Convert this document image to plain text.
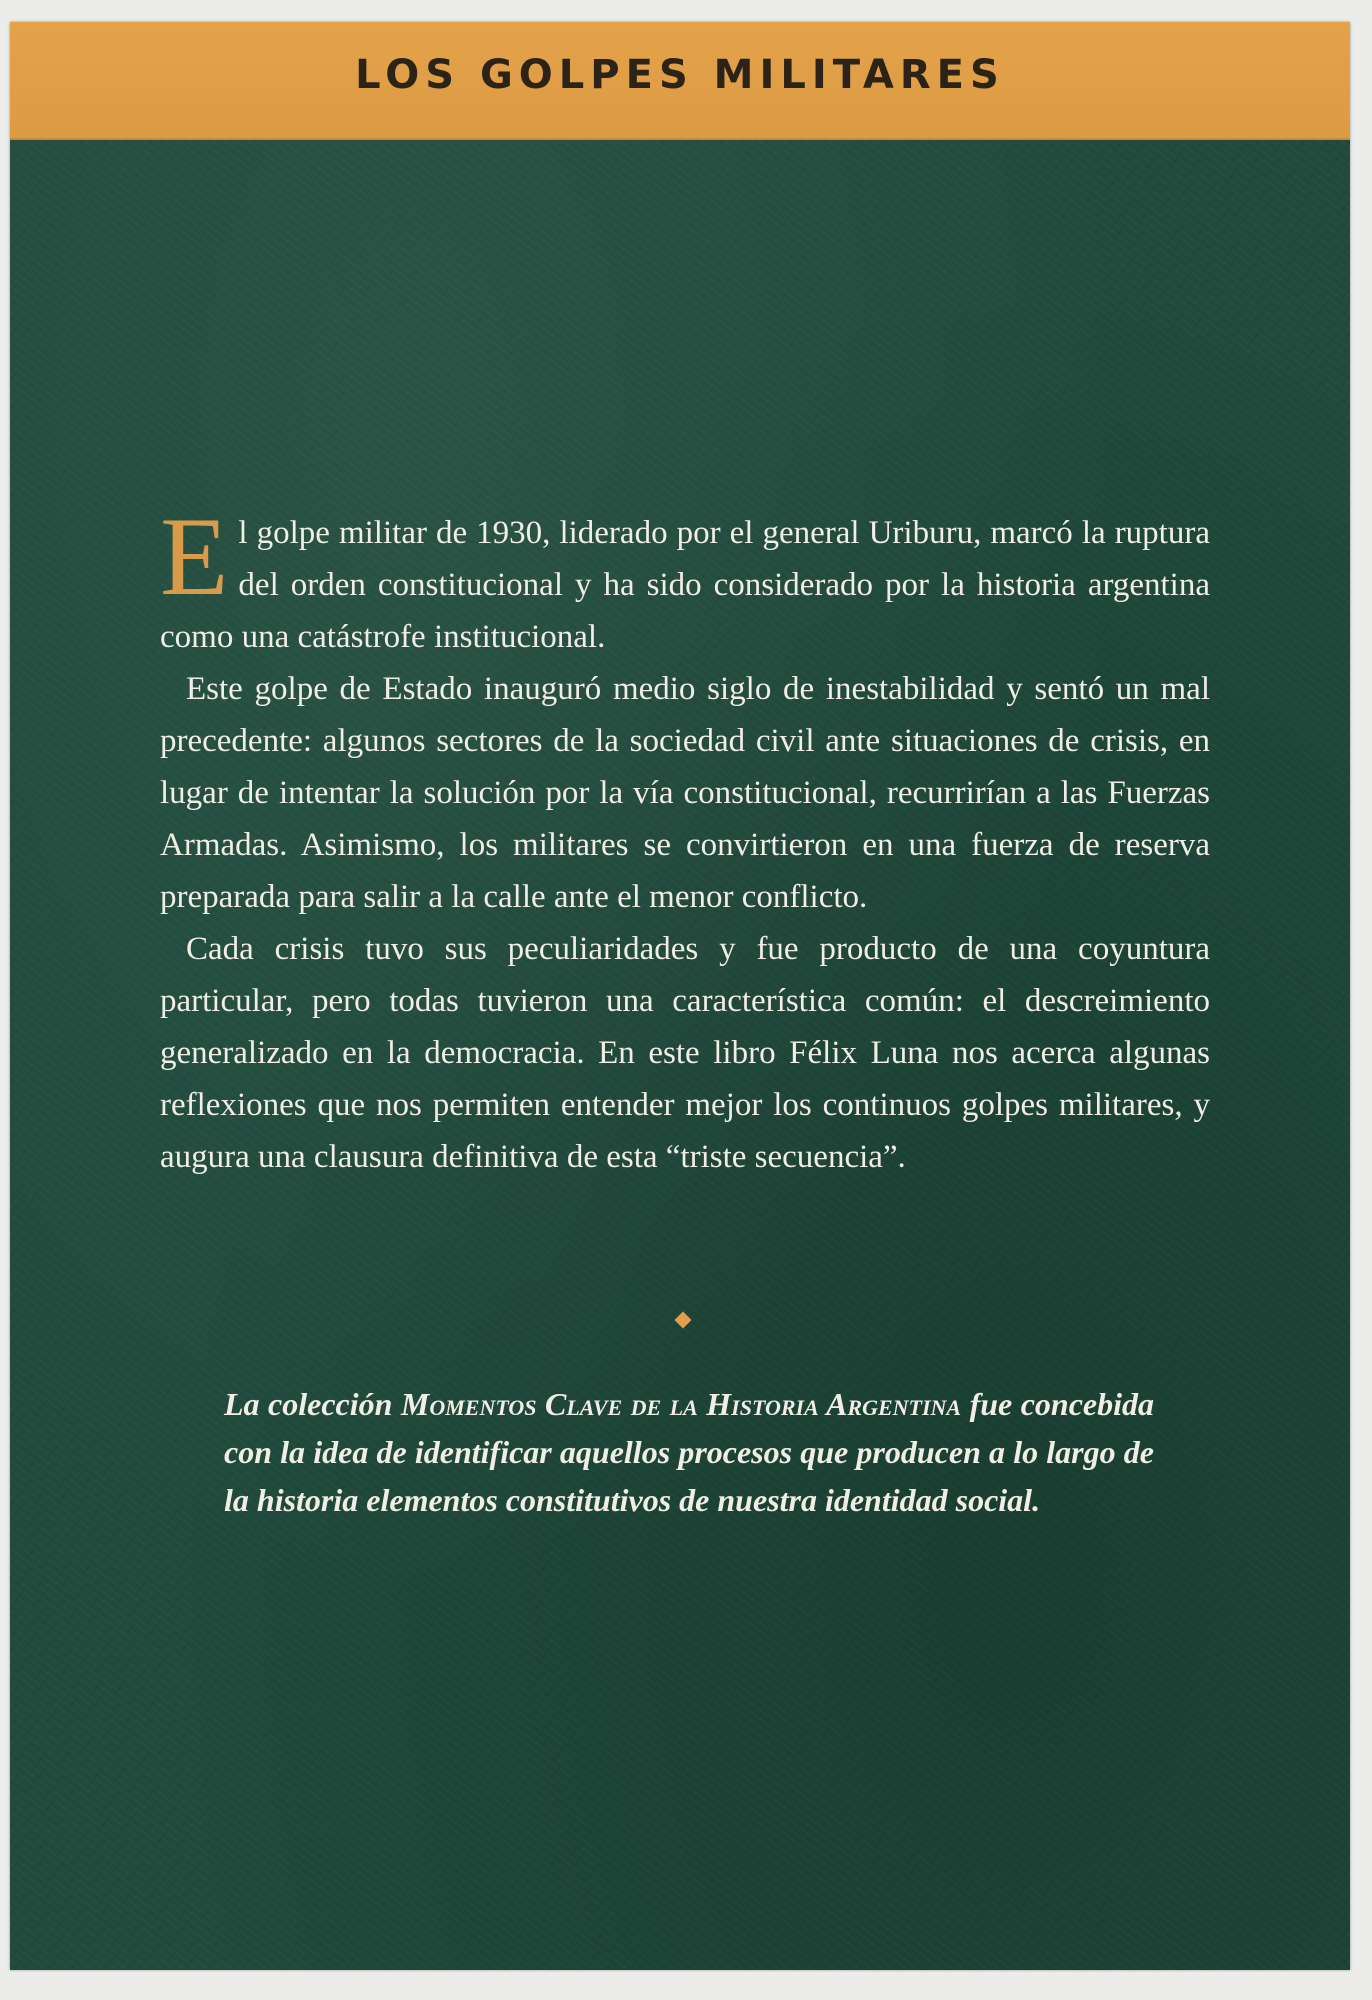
LOS GOLPES MILITARES

El golpe militar de 1930, liderado por el general Uriburu, marcó la ruptura del orden constitucional y ha sido considerado por la historia argentina como una catástrofe institucional.

Este golpe de Estado inauguró medio siglo de inestabilidad y sentó un mal precedente: algunos sectores de la sociedad civil ante situaciones de crisis, en lugar de intentar la solución por la vía constitucional, recurrirían a las Fuerzas Armadas. Asimismo, los militares se convirtieron en una fuerza de reserva preparada para salir a la calle ante el menor conflicto.

Cada crisis tuvo sus peculiaridades y fue producto de una coyuntura particular, pero todas tuvieron una característica común: el descreimiento generalizado en la democracia. En este libro Félix Luna nos acerca algunas reflexiones que nos permiten entender mejor los continuos golpes militares, y augura una clausura definitiva de esta “triste secuencia”.

La colección Momentos Clave de la Historia Argentina fue concebida con la idea de identificar aquellos procesos que producen a lo largo de la historia elementos constitutivos de nuestra identidad social.
